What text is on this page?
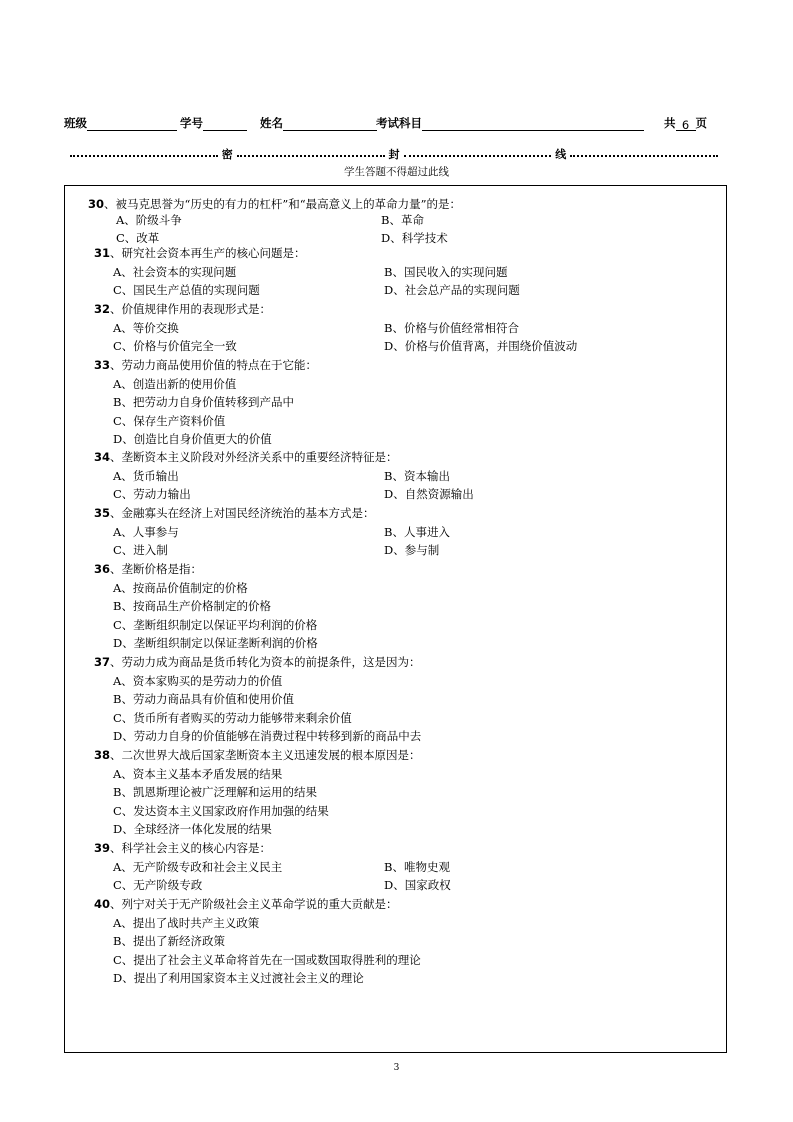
班级	学号	姓名	考试科目	共 6 页
密	封	线
学生答题不得超过此线
30、被马克思誉为“历史的有力的杠杆”和“最高意义上的革命力量”的是：
A、阶级斗争	B、革命
C、改革	D、科学技术
31、研究社会资本再生产的核心问题是：
A、社会资本的实现问题	B、国民收入的实现问题
C、国民生产总值的实现问题	D、社会总产品的实现问题
32、价值规律作用的表现形式是：
A、等价交换	B、价格与价值经常相符合
C、价格与价值完全一致	D、价格与价值背离，并围绕价值波动
33、劳动力商品使用价值的特点在于它能：
A、创造出新的使用价值
B、把劳动力自身价值转移到产品中
C、保存生产资料价值
D、创造比自身价值更大的价值
34、垄断资本主义阶段对外经济关系中的重要经济特征是：
A、货币输出	B、资本输出
C、劳动力输出	D、自然资源输出
35、金融寡头在经济上对国民经济统治的基本方式是：
A、人事参与	B、人事进入
C、进入制	D、参与制
36、垄断价格是指：
A、按商品价值制定的价格
B、按商品生产价格制定的价格
C、垄断组织制定以保证平均利润的价格
D、垄断组织制定以保证垄断利润的价格
37、劳动力成为商品是货币转化为资本的前提条件，这是因为：
A、资本家购买的是劳动力的价值
B、劳动力商品具有价值和使用价值
C、货币所有者购买的劳动力能够带来剩余价值
D、劳动力自身的价值能够在消费过程中转移到新的商品中去
38、二次世界大战后国家垄断资本主义迅速发展的根本原因是：
A、资本主义基本矛盾发展的结果
B、凯恩斯理论被广泛理解和运用的结果
C、发达资本主义国家政府作用加强的结果
D、全球经济一体化发展的结果
39、科学社会主义的核心内容是：
A、无产阶级专政和社会主义民主	B、唯物史观
C、无产阶级专政	D、国家政权
40、列宁对关于无产阶级社会主义革命学说的重大贡献是：
A、提出了战时共产主义政策
B、提出了新经济政策
C、提出了社会主义革命将首先在一国或数国取得胜利的理论
D、提出了利用国家资本主义过渡社会主义的理论
3
